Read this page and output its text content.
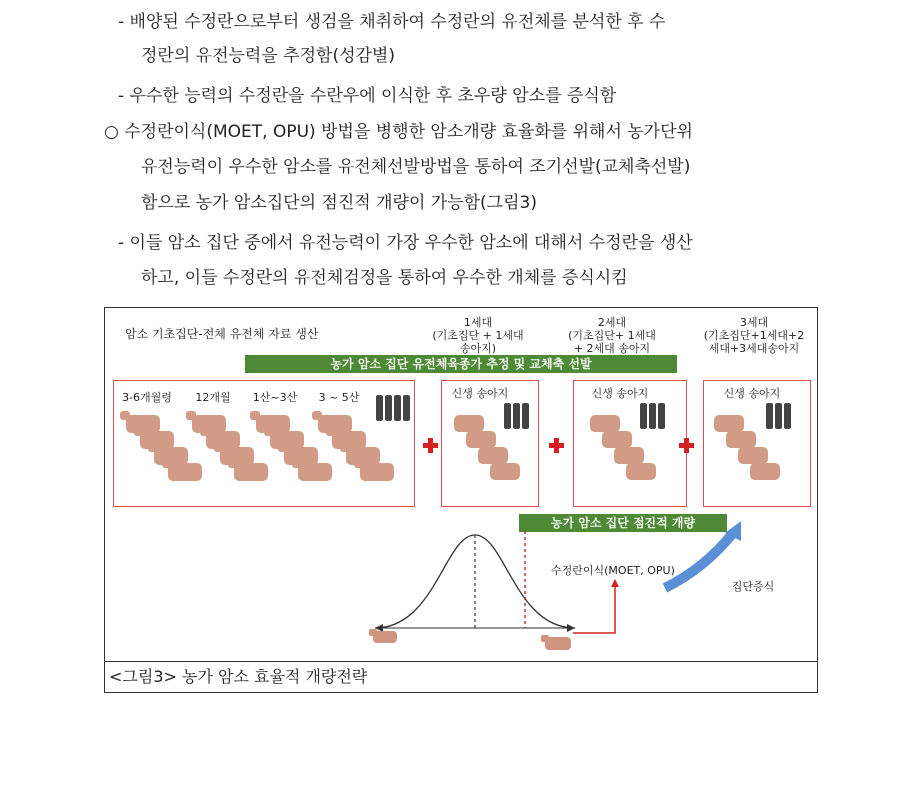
- 배양된 수정란으로부터 생검을 채취하여 수정란의 유전체를 분석한 후 수
정란의 유전능력을 추정함(성감별)
- 우수한 능력의 수정란을 수란우에 이식한 후 초우량 암소를 증식함
○ 수정란이식(MOET, OPU) 방법을 병행한 암소개량 효율화를 위해서 농가단위
유전능력이 우수한 암소를 유전체선발방법을 통하여 조기선발(교체축선발)
함으로 농가 암소집단의 점진적 개량이 가능함(그림3)
- 이들 암소 집단 중에서 유전능력이 가장 우수한 암소에 대해서 수정란을 생산
하고, 이들 수정란의 유전체검정을 통하여 우수한 개체를 증식시킴
암소 기초집단-전체 유전체 자료 생산
1세대
(기초집단 + 1세대
송아지)
2세대
(기초집단+ 1세대
+ 2세대 송아지
3세대
(기초집단+1세대+2
세대+3세대송아지
농가 암소 집단 유전체육종가 추정 및 교체축 선발
3-6개월령	12개월	1산~3산	3 ~ 5산	신생 송아지	신생 송아지	신생 송아지
농가 암소 집단 점진적 개량
수정란이식(MOET, OPU)
집단증식
<그림3> 농가 암소 효율적 개량전략
